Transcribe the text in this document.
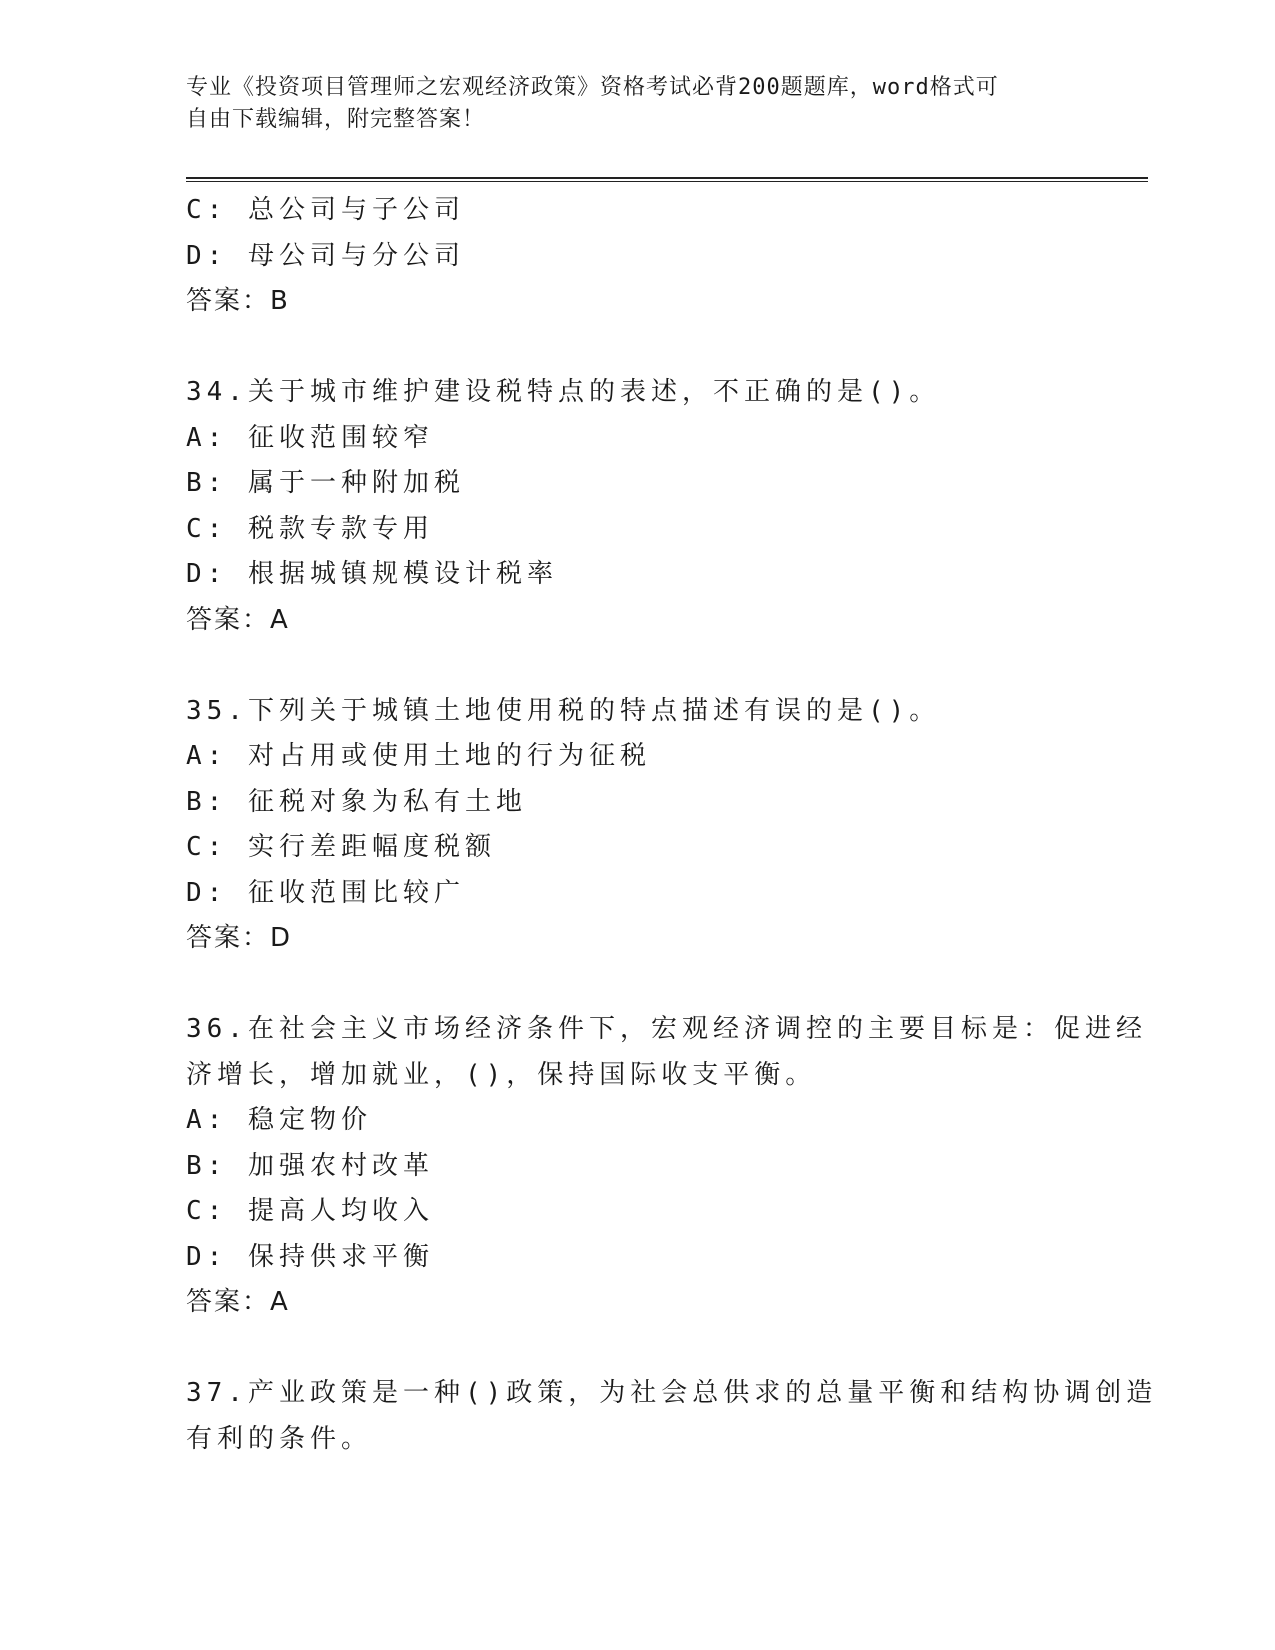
专业《投资项目管理师之宏观经济政策》资格考试必背200题题库，word格式可
自由下载编辑，附完整答案！
C: 总公司与子公司
D: 母公司与分公司
答案：B
34.关于城市维护建设税特点的表述，不正确的是()。
A: 征收范围较窄
B: 属于一种附加税
C: 税款专款专用
D: 根据城镇规模设计税率
答案：A
35.下列关于城镇土地使用税的特点描述有误的是()。
A: 对占用或使用土地的行为征税
B: 征税对象为私有土地
C: 实行差距幅度税额
D: 征收范围比较广
答案：D
36.在社会主义市场经济条件下，宏观经济调控的主要目标是：促进经
济增长，增加就业，()，保持国际收支平衡。
A: 稳定物价
B: 加强农村改革
C: 提高人均收入
D: 保持供求平衡
答案：A
37.产业政策是一种()政策，为社会总供求的总量平衡和结构协调创造
有利的条件。
